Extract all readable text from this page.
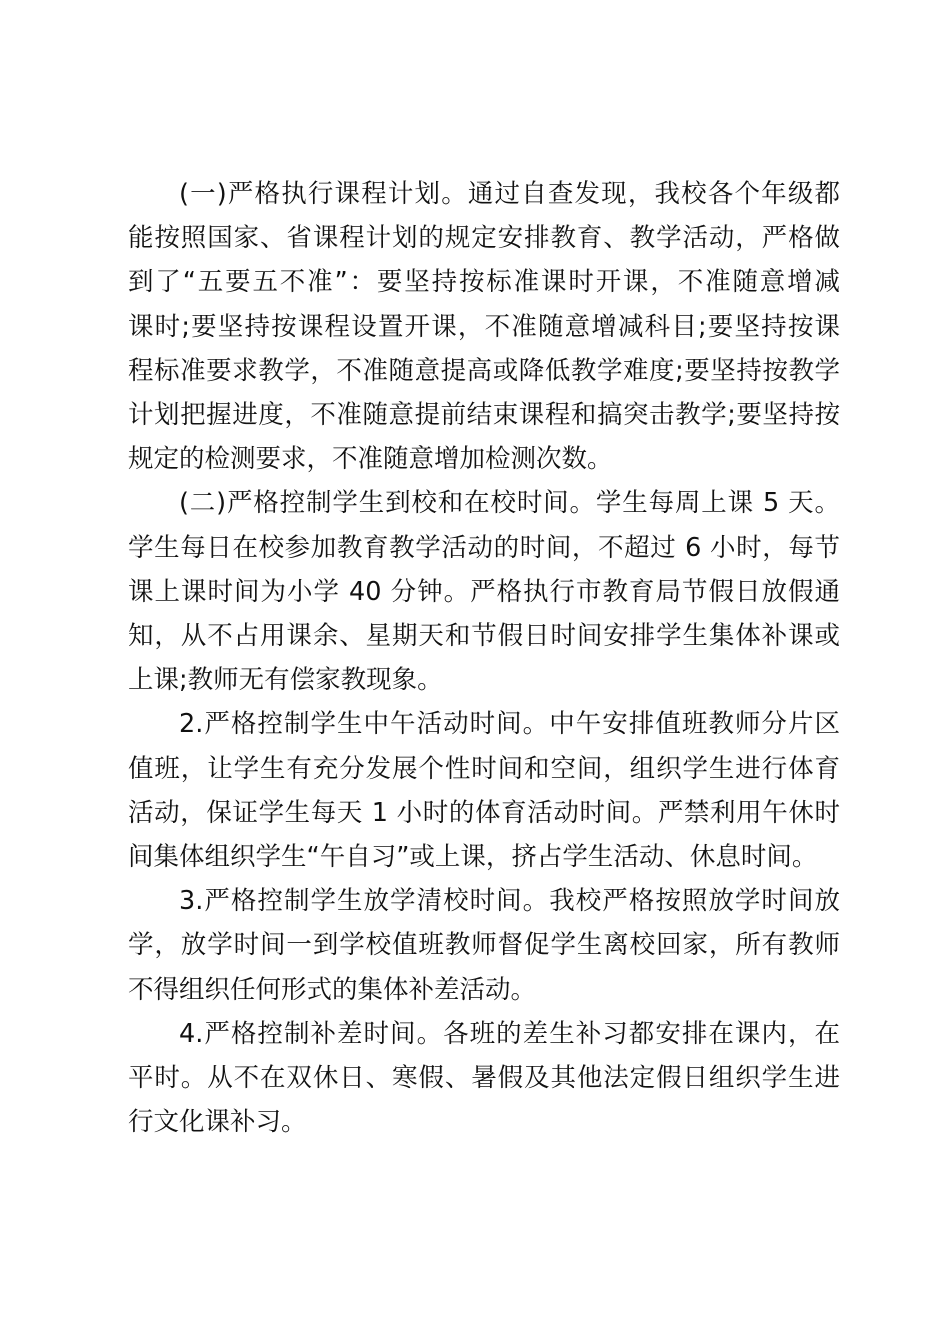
(一)严格执行课程计划。通过自查发现，我校各个年级都
能按照国家、省课程计划的规定安排教育、教学活动，严格做
到了“五要五不准”：要坚持按标准课时开课，不准随意增减
课时;要坚持按课程设置开课，不准随意增减科目;要坚持按课
程标准要求教学，不准随意提高或降低教学难度;要坚持按教学
计划把握进度，不准随意提前结束课程和搞突击教学;要坚持按
规定的检测要求，不准随意增加检测次数。
(二)严格控制学生到校和在校时间。学生每周上课 5 天。
学生每日在校参加教育教学活动的时间，不超过 6 小时，每节
课上课时间为小学 40 分钟。严格执行市教育局节假日放假通
知，从不占用课余、星期天和节假日时间安排学生集体补课或
上课;教师无有偿家教现象。
2.严格控制学生中午活动时间。中午安排值班教师分片区
值班，让学生有充分发展个性时间和空间，组织学生进行体育
活动，保证学生每天 1 小时的体育活动时间。严禁利用午休时
间集体组织学生“午自习”或上课，挤占学生活动、休息时间。
3.严格控制学生放学清校时间。我校严格按照放学时间放
学，放学时间一到学校值班教师督促学生离校回家，所有教师
不得组织任何形式的集体补差活动。
4.严格控制补差时间。各班的差生补习都安排在课内，在
平时。从不在双休日、寒假、暑假及其他法定假日组织学生进
行文化课补习。
